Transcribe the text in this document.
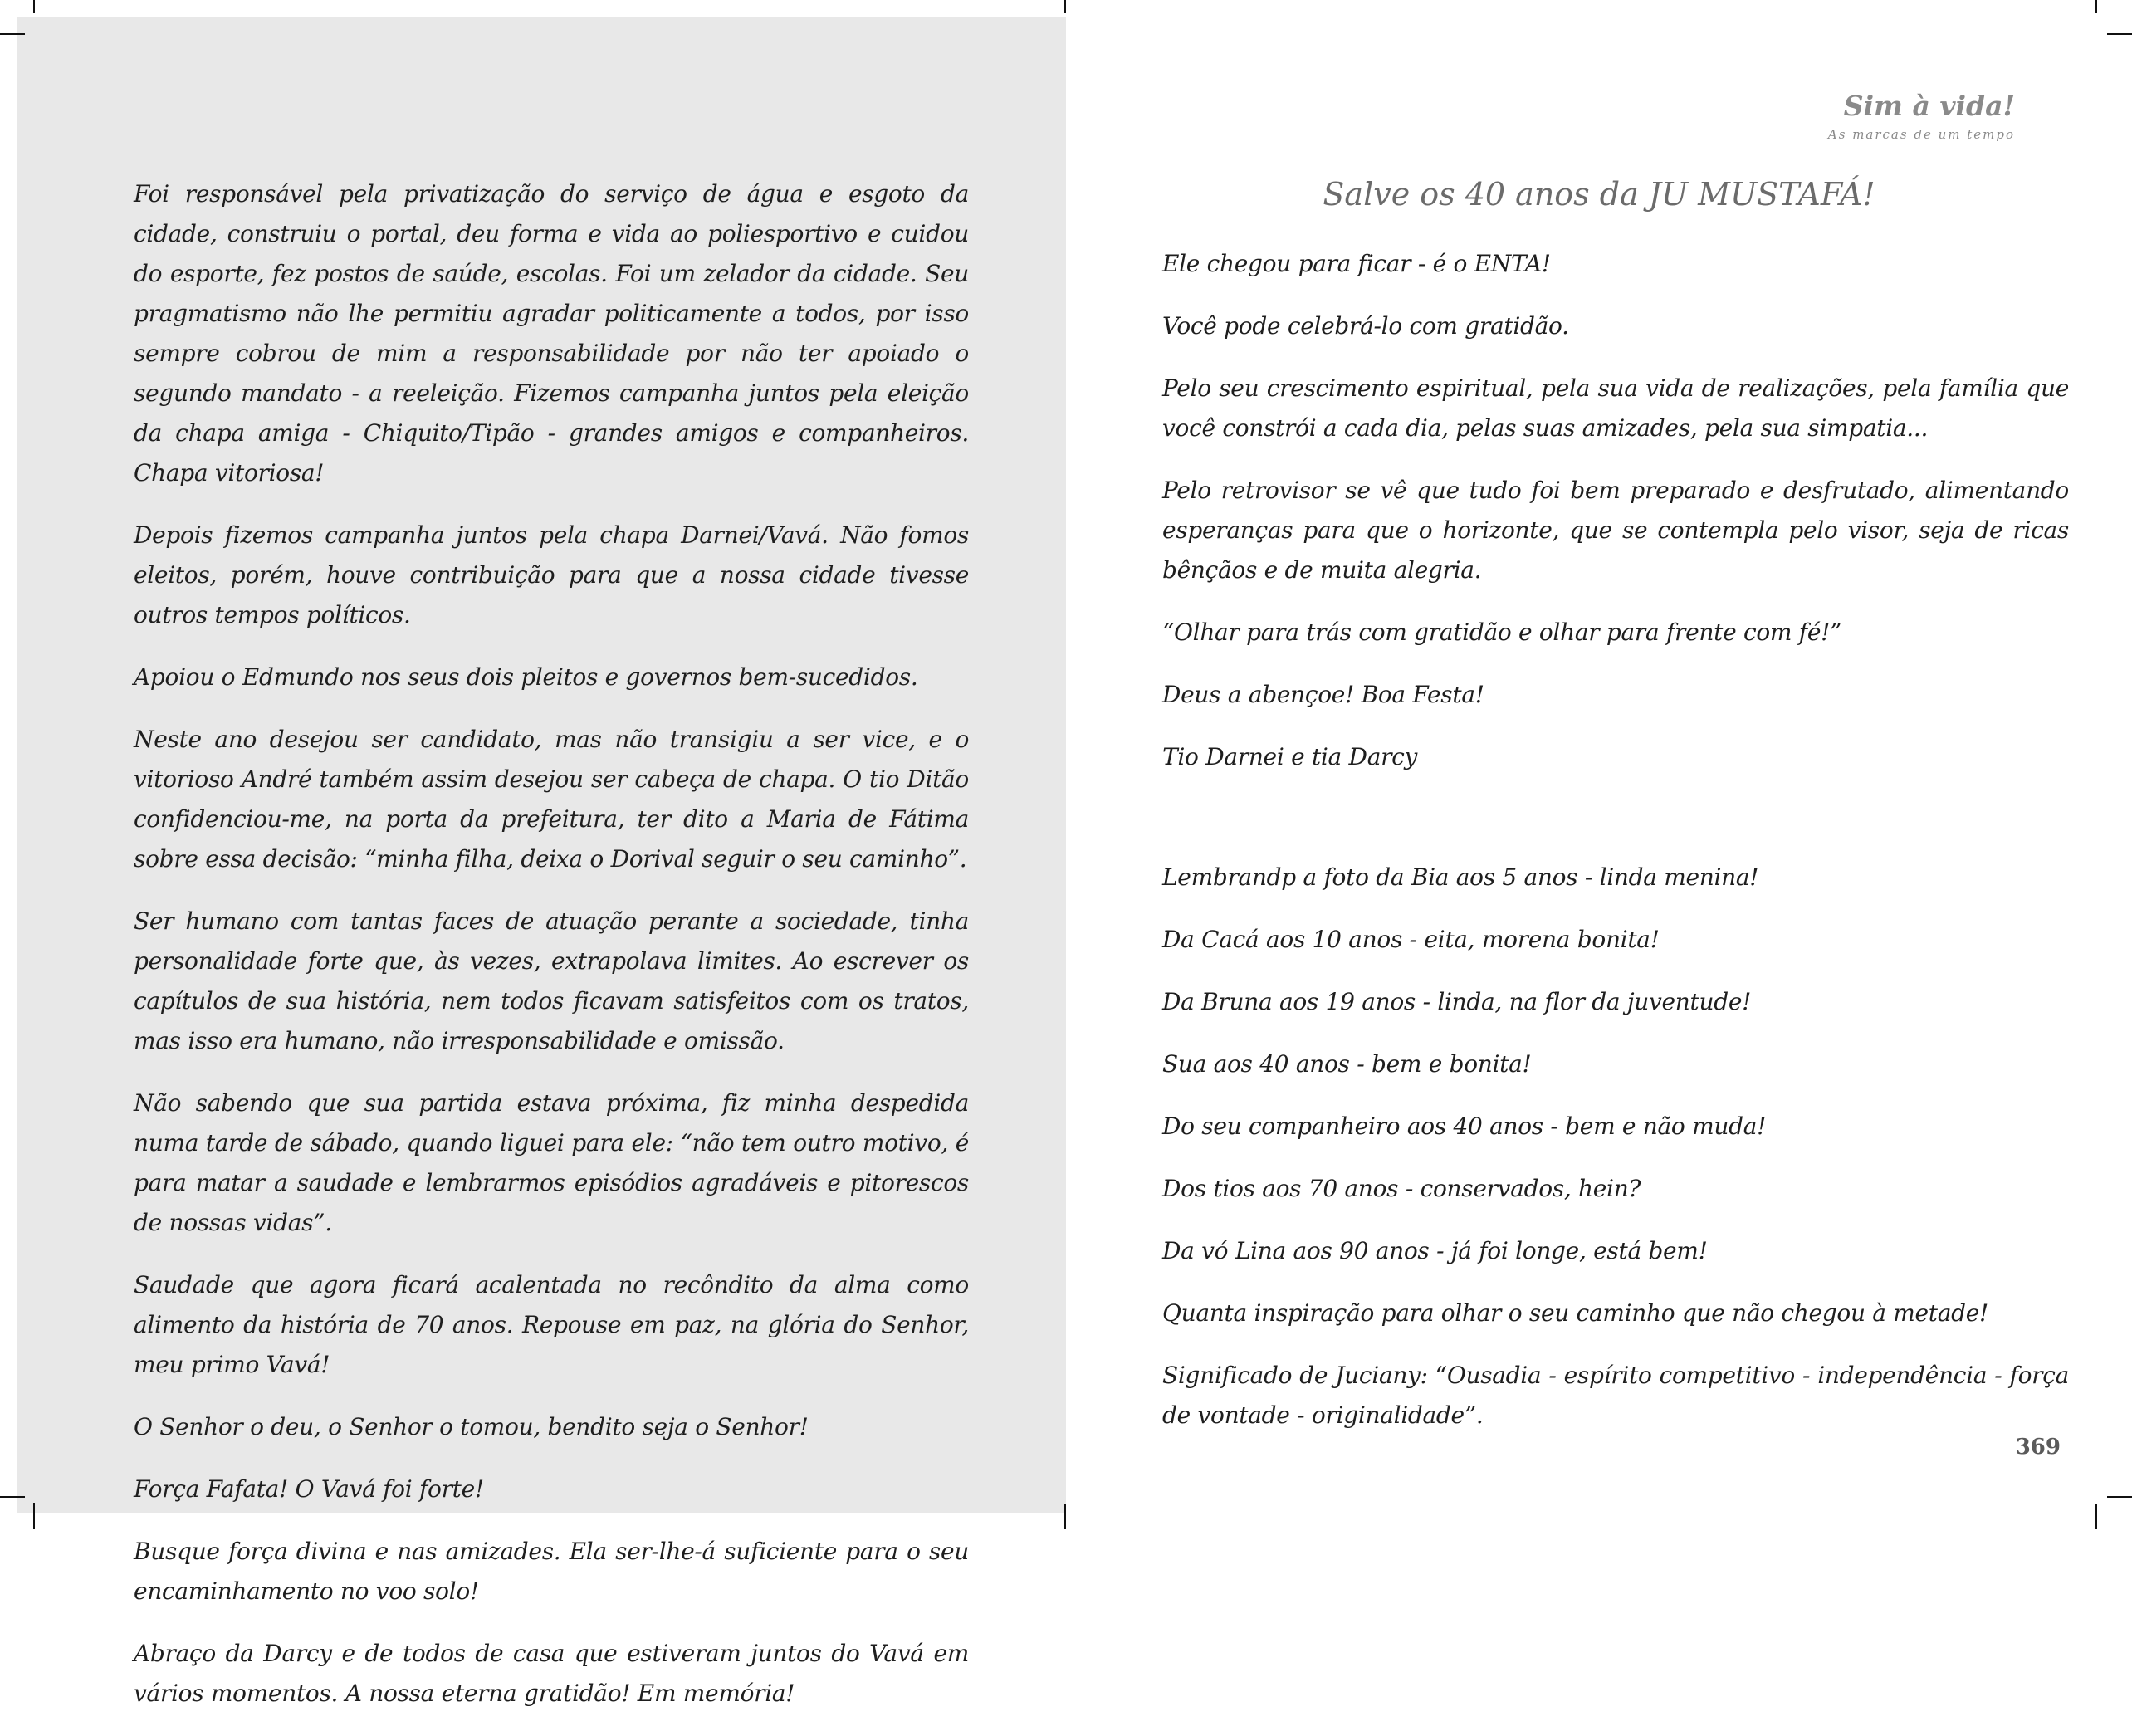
Foi responsável pela privatização do serviço de água e esgoto da cidade, construiu o portal, deu forma e vida ao poliesportivo e cuidou do esporte, fez postos de saúde, escolas. Foi um zelador da cidade. Seu pragmatismo não lhe permitiu agradar politicamente a todos, por isso sempre cobrou de mim a responsabilidade por não ter apoiado o segundo mandato - a reeleição. Fizemos campanha juntos pela eleição da chapa amiga - Chiquito/Tipão - grandes amigos e companheiros. Chapa vitoriosa!

Depois fizemos campanha juntos pela chapa Darnei/Vavá. Não fomos eleitos, porém, houve contribuição para que a nossa cidade tivesse outros tempos políticos.

Apoiou o Edmundo nos seus dois pleitos e governos bem-sucedidos.

Neste ano desejou ser candidato, mas não transigiu a ser vice, e o vitorioso André também assim desejou ser cabeça de chapa. O tio Ditão confidenciou-me, na porta da prefeitura, ter dito a Maria de Fátima sobre essa decisão: “minha filha, deixa o Dorival seguir o seu caminho”.

Ser humano com tantas faces de atuação perante a sociedade, tinha personalidade forte que, às vezes, extrapolava limites. Ao escrever os capítulos de sua história, nem todos ficavam satisfeitos com os tratos, mas isso era humano, não irresponsabilidade e omissão.

Não sabendo que sua partida estava próxima, fiz minha despedida numa tarde de sábado, quando liguei para ele: “não tem outro motivo, é para matar a saudade e lembrarmos episódios agradáveis e pitorescos de nossas vidas”.

Saudade que agora ficará acalentada no recôndito da alma como alimento da história de 70 anos. Repouse em paz, na glória do Senhor, meu primo Vavá!

O Senhor o deu, o Senhor o tomou, bendito seja o Senhor!

Força Fafata! O Vavá foi forte!

Busque força divina e nas amizades. Ela ser-lhe-á suficiente para o seu encaminhamento no voo solo!

Abraço da Darcy e de todos de casa que estiveram juntos do Vavá em vários momentos. A nossa eterna gratidão! Em memória!

Sim à vida!
As marcas de um tempo
Salve os 40 anos da JU MUSTAFÁ!

Ele chegou para ficar - é o ENTA!

Você pode celebrá-lo com gratidão.

Pelo seu crescimento espiritual, pela sua vida de realizações, pela família que você constrói a cada dia, pelas suas amizades, pela sua simpatia...

Pelo retrovisor se vê que tudo foi bem preparado e desfrutado, alimentando esperanças para que o horizonte, que se contempla pelo visor, seja de ricas bênçãos e de muita alegria.

“Olhar para trás com gratidão e olhar para frente com fé!”

Deus a abençoe! Boa Festa!

Tio Darnei e tia Darcy

Lembrandp a foto da Bia aos 5 anos - linda menina!

Da Cacá aos 10 anos - eita, morena bonita!

Da Bruna aos 19 anos - linda, na flor da juventude!

Sua aos 40 anos - bem e bonita!

Do seu companheiro aos 40 anos - bem e não muda!

Dos tios aos 70 anos - conservados, hein?

Da vó Lina aos 90 anos - já foi longe, está bem!

Quanta inspiração para olhar o seu caminho que não chegou à metade!

Significado de Juciany: “Ousadia - espírito competitivo - independência - força de vontade - originalidade”.

369
